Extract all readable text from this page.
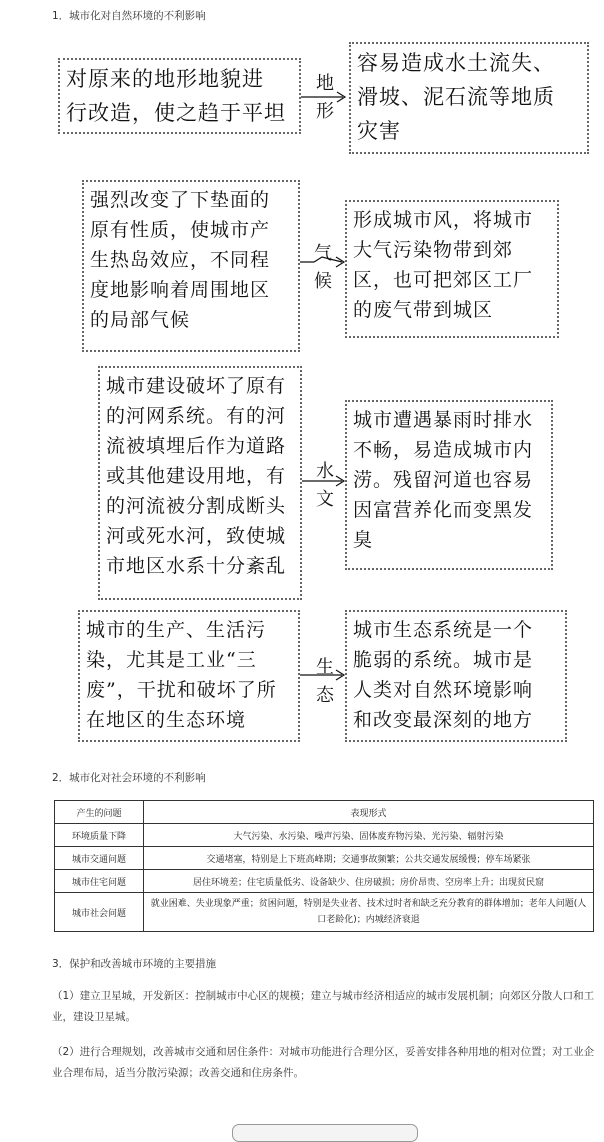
1．城市化对自然环境的不利影响
对原来的地形地貌进
行改造，使之趋于平坦
地
形
容易造成水土流失、
滑坡、泥石流等地质
灾害
强烈改变了下垫面的
原有性质，使城市产
生热岛效应，不同程
度地影响着周围地区
的局部气候
气
候
形成城市风，将城市
大气污染物带到郊
区，也可把郊区工厂
的废气带到城区
城市建设破坏了原有
的河网系统。有的河
流被填埋后作为道路
或其他建设用地，有
的河流被分割成断头
河或死水河，致使城
市地区水系十分紊乱
水
文
城市遭遇暴雨时排水
不畅，易造成城市内
涝。残留河道也容易
因富营养化而变黑发
臭
城市的生产、生活污
染，尤其是工业“三
废”，干扰和破坏了所
在地区的生态环境
生
态
城市生态系统是一个
脆弱的系统。城市是
人类对自然环境影响
和改变最深刻的地方
2．城市化对社会环境的不利影响
产生的问题	表现形式
环境质量下降	大气污染、水污染、噪声污染、固体废弃物污染、光污染、辐射污染
城市交通问题	交通堵塞，特别是上下班高峰期；交通事故频繁；公共交通发展缓慢；停车场紧张
城市住宅问题	居住环境差；住宅质量低劣、设备缺少、住房破损；房价昂贵、空房率上升；出现贫民窟
城市社会问题	就业困难、失业现象严重；贫困问题，特别是失业者、技术过时者和缺乏充分教育的群体增加；老年人问题(人口老龄化)；内城经济衰退
3．保护和改善城市环境的主要措施

（1）建立卫星城，开发新区：控制城市中心区的规模；建立与城市经济相适应的城市发展机制；向郊区分散人口和工业，建设卫星城。

（2）进行合理规划，改善城市交通和居住条件：对城市功能进行合理分区，妥善安排各种用地的相对位置；对工业企业合理布局，适当分散污染源；改善交通和住房条件。
